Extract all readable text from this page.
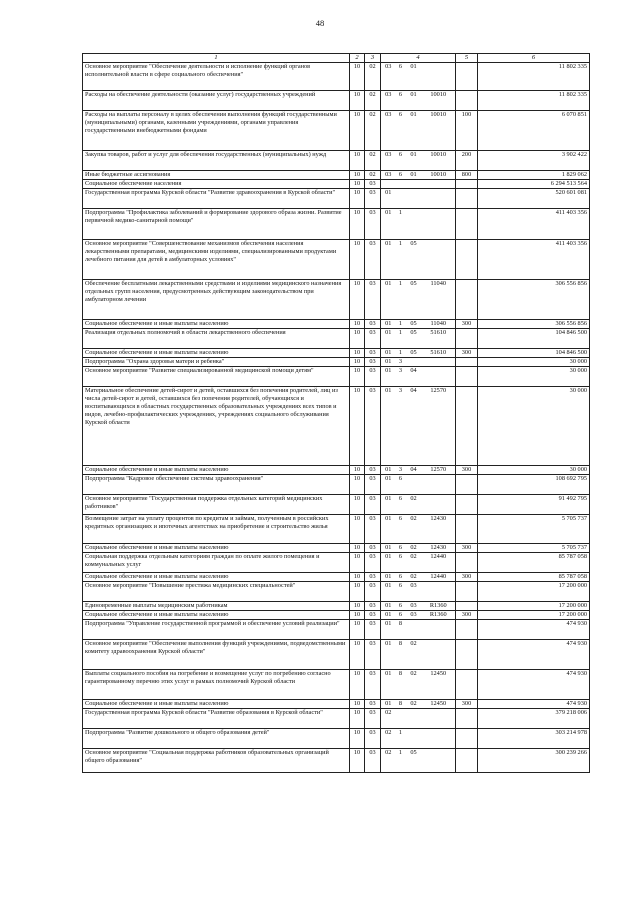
48
1	2	3	4				5	6
Основное мероприятие "Обеспечение деятельности и исполнение функций органов исполнительной власти в сфере социального обеспечения"	10	02	03	6	01			11 802 335
Расходы на обеспечение деятельности (оказание услуг) государственных учреждений	10	02	03	6	01	10010		11 802 335
Расходы на выплаты персоналу в целях обеспечения выполнения функций государственными (муниципальными) органами, казенными учреждениями, органами управления государственными внебюджетными фондами	10	02	03	6	01	10010	100	6 070 851
Закупка товаров, работ и услуг для обеспечения государственных (муниципальных) нужд	10	02	03	6	01	10010	200	3 902 422
Иные бюджетные ассигнования	10	02	03	6	01	10010	800	1 829 062
Социальное обеспечение населения	10	03						6 294 513 564
Государственная программа Курской области "Развитие здравоохранения в Курской области"	10	03	01					520 601 081
Подпрограмма "Профилактика заболеваний и формирование здорового образа жизни. Развитие первичной медико-санитарной помощи"	10	03	01	1				411 403 356
Основное мероприятие "Совершенствование механизмов обеспечения населения лекарственными препаратами, медицинскими изделиями, специализированными продуктами лечебного питания для детей в амбулаторных условиях"	10	03	01	1	05			411 403 356
Обеспечение бесплатными лекарственными средствами и изделиями медицинского назначения отдельных групп населения, предусмотренных действующим законодательством при амбулаторном лечении	10	03	01	1	05	11040		306 556 856
Социальное обеспечение и иные выплаты населению	10	03	01	1	05	11040	300	306 556 856
Реализация отдельных полномочий в области лекарственного обеспечения	10	03	01	1	05	51610		104 846 500
Социальное обеспечение и иные выплаты населению	10	03	01	1	05	51610	300	104 846 500
Подпрограмма "Охрана здоровья матери и ребенка"	10	03	01	3				30 000
Основное мероприятие "Развитие специализированной медицинской помощи детям"	10	03	01	3	04			30 000
Материальное обеспечение детей-сирот и детей, оставшихся без попечения родителей, лиц из числа детей-сирот и детей, оставшихся без попечения родителей, обучающихся и воспитывающихся в областных государственных образовательных учреждениях всех типов и видов, лечебно-профилактических учреждениях, учреждениях социального обслуживания Курской области	10	03	01	3	04	12570		30 000
Социальное обеспечение и иные выплаты населению	10	03	01	3	04	12570	300	30 000
Подпрограмма "Кадровое обеспечение системы здравоохранения"	10	03	01	6				108 692 795
Основное мероприятие "Государственная поддержка отдельных категорий медицинских работников"	10	03	01	6	02			91 492 795
Возмещение затрат на уплату процентов по кредитам и займам, полученным в российских кредитных организациях и ипотечных агентствах на приобретение и строительство жилья	10	03	01	6	02	12430		5 705 737
Социальное обеспечение и иные выплаты населению	10	03	01	6	02	12430	300	5 705 737
Социальная поддержка отдельным категориям граждан по оплате жилого помещения и коммунальных услуг	10	03	01	6	02	12440		85 787 058
Социальное обеспечение и иные выплаты населению	10	03	01	6	02	12440	300	85 787 058
Основное мероприятие "Повышение престижа медицинских специальностей"	10	03	01	6	03			17 200 000
Единовременные выплаты медицинским работникам	10	03	01	6	03	R1360		17 200 000
Социальное обеспечение и иные выплаты населению	10	03	01	6	03	R1360	300	17 200 000
Подпрограмма "Управление государственной программой и обеспечение условий реализации"	10	03	01	8				474 930
Основное мероприятие "Обеспечение выполнения функций учреждениями, подведомственными комитету здравоохранения Курской области"	10	03	01	8	02			474 930
Выплаты социального пособия на погребение и возмещение услуг по погребению согласно гарантированному перечню этих услуг в рамках полномочий Курской области	10	03	01	8	02	12450		474 930
Социальное обеспечение и иные выплаты населению	10	03	01	8	02	12450	300	474 930
Государственная программа Курской области "Развитие образования в Курской области"	10	03	02					379 218 006
Подпрограмма "Развитие дошкольного и общего образования детей"	10	03	02	1				303 214 978
Основное мероприятие "Социальная поддержка работников образовательных организаций общего образования"	10	03	02	1	05			300 239 266
